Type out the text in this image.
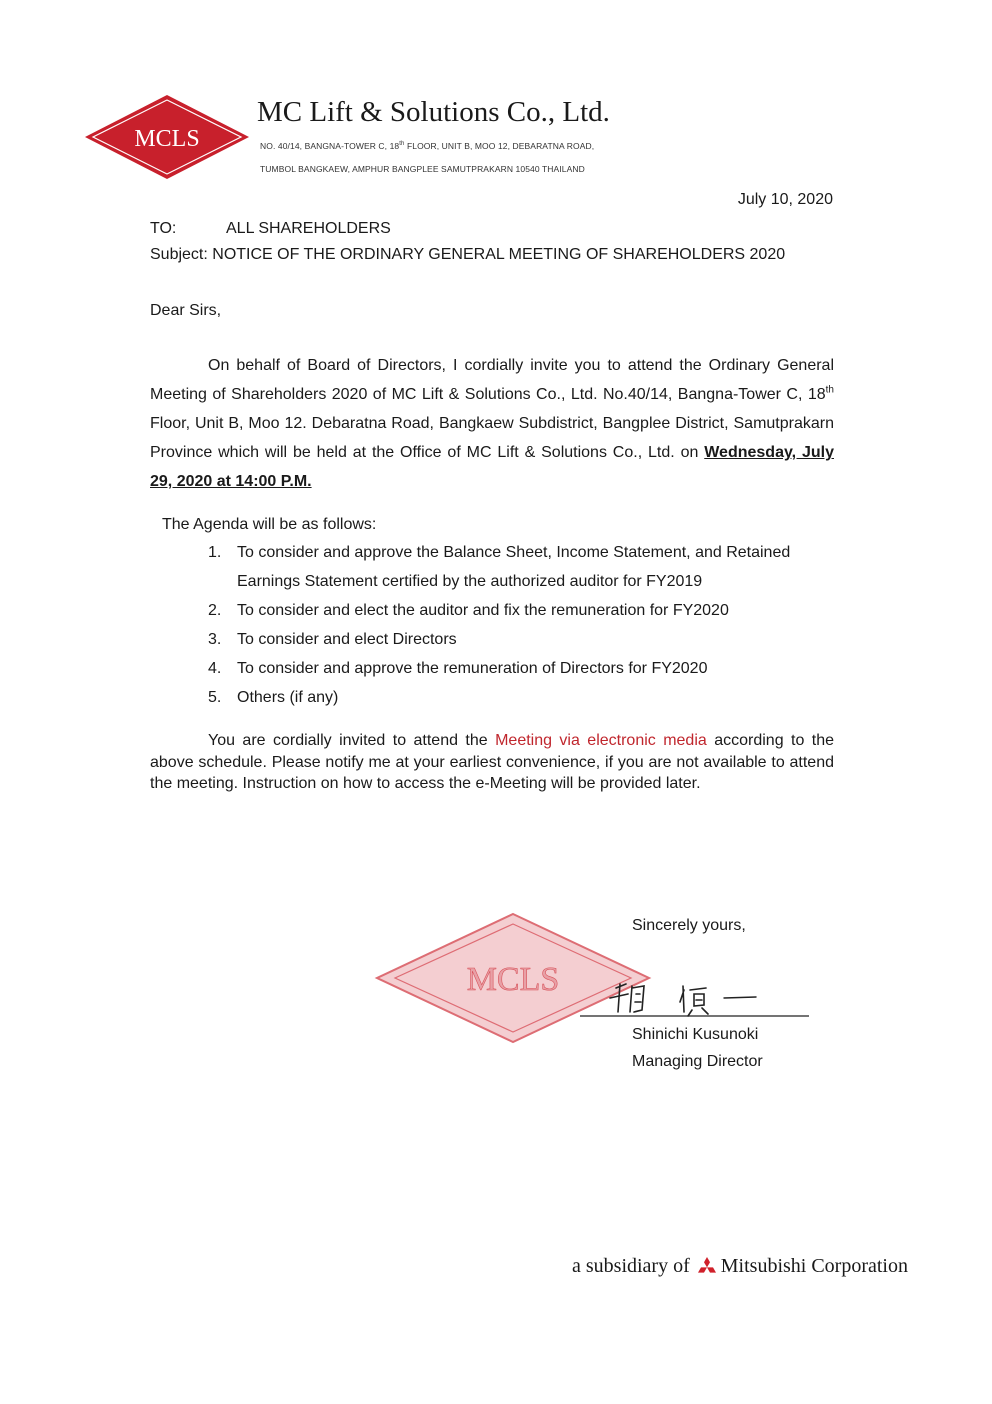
MCLS
MC Lift & Solutions Co., Ltd.
NO. 40/14, BANGNA-TOWER C, 18th FLOOR, UNIT B, MOO 12, DEBARATNA ROAD,
TUMBOL BANGKAEW, AMPHUR BANGPLEE SAMUTPRAKARN 10540 THAILAND
July 10, 2020
TO:	ALL SHAREHOLDERS
Subject: NOTICE OF THE ORDINARY GENERAL MEETING OF SHAREHOLDERS 2020
Dear Sirs,
On behalf of Board of Directors, I cordially invite you to attend the Ordinary General Meeting of Shareholders 2020 of MC Lift & Solutions Co., Ltd. No.40/14, Bangna-Tower C, 18th Floor, Unit B, Moo 12. Debaratna Road, Bangkaew Subdistrict, Bangplee District, Samutprakarn Province which will be held at the Office of MC Lift & Solutions Co., Ltd. on Wednesday, July 29, 2020 at 14:00 P.M.
The Agenda will be as follows:
1. To consider and approve the Balance Sheet, Income Statement, and Retained Earnings Statement certified by the authorized auditor for FY2019
2. To consider and elect the auditor and fix the remuneration for FY2020
3. To consider and elect Directors
4. To consider and approve the remuneration of Directors for FY2020
5. Others (if any)
You are cordially invited to attend the Meeting via electronic media according to the above schedule. Please notify me at your earliest convenience, if you are not available to attend the meeting. Instruction on how to access the e-Meeting will be provided later.
MCLS
Sincerely yours,
Shinichi Kusunoki
Managing Director
a subsidiary of Mitsubishi Corporation
